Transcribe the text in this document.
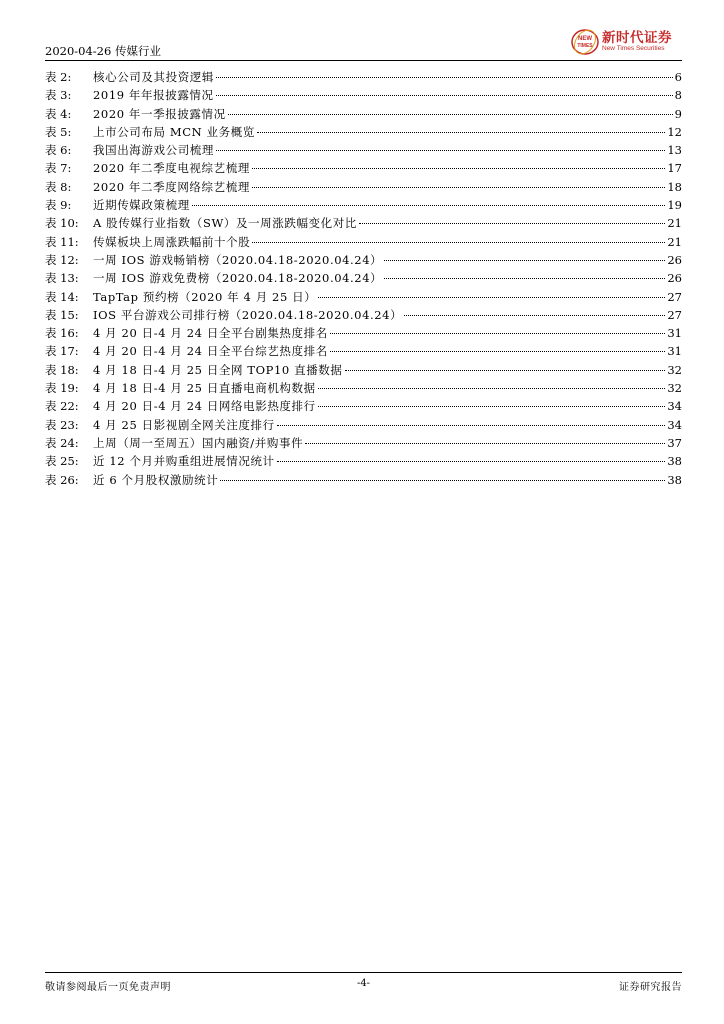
2020-04-26 传媒行业
NEW
TIMES 新时代证券
New Times Securities
表 2:	核心公司及其投资逻辑	6
表 3:	2019 年年报披露情况	8
表 4:	2020 年一季报披露情况	9
表 5:	上市公司布局 MCN 业务概览	12
表 6:	我国出海游戏公司梳理	13
表 7:	2020 年二季度电视综艺梳理	17
表 8:	2020 年二季度网络综艺梳理	18
表 9:	近期传媒政策梳理	19
表 10:	A 股传媒行业指数（SW）及一周涨跌幅变化对比	21
表 11:	传媒板块上周涨跌幅前十个股	21
表 12:	一周 IOS 游戏畅销榜（2020.04.18-2020.04.24）	26
表 13:	一周 IOS 游戏免费榜（2020.04.18-2020.04.24）	26
表 14:	TapTap 预约榜（2020 年 4 月 25 日）	27
表 15:	IOS 平台游戏公司排行榜（2020.04.18-2020.04.24）	27
表 16:	4 月 20 日-4 月 24 日全平台剧集热度排名	31
表 17:	4 月 20 日-4 月 24 日全平台综艺热度排名	31
表 18:	4 月 18 日-4 月 25 日全网 TOP10 直播数据	32
表 19:	4 月 18 日-4 月 25 日直播电商机构数据	32
表 22:	4 月 20 日-4 月 24 日网络电影热度排行	34
表 23:	4 月 25 日影视剧全网关注度排行	34
表 24:	上周（周一至周五）国内融资/并购事件	37
表 25:	近 12 个月并购重组进展情况统计	38
表 26:	近 6 个月股权激励统计	38
敬请参阅最后一页免责声明	-4-	证券研究报告
